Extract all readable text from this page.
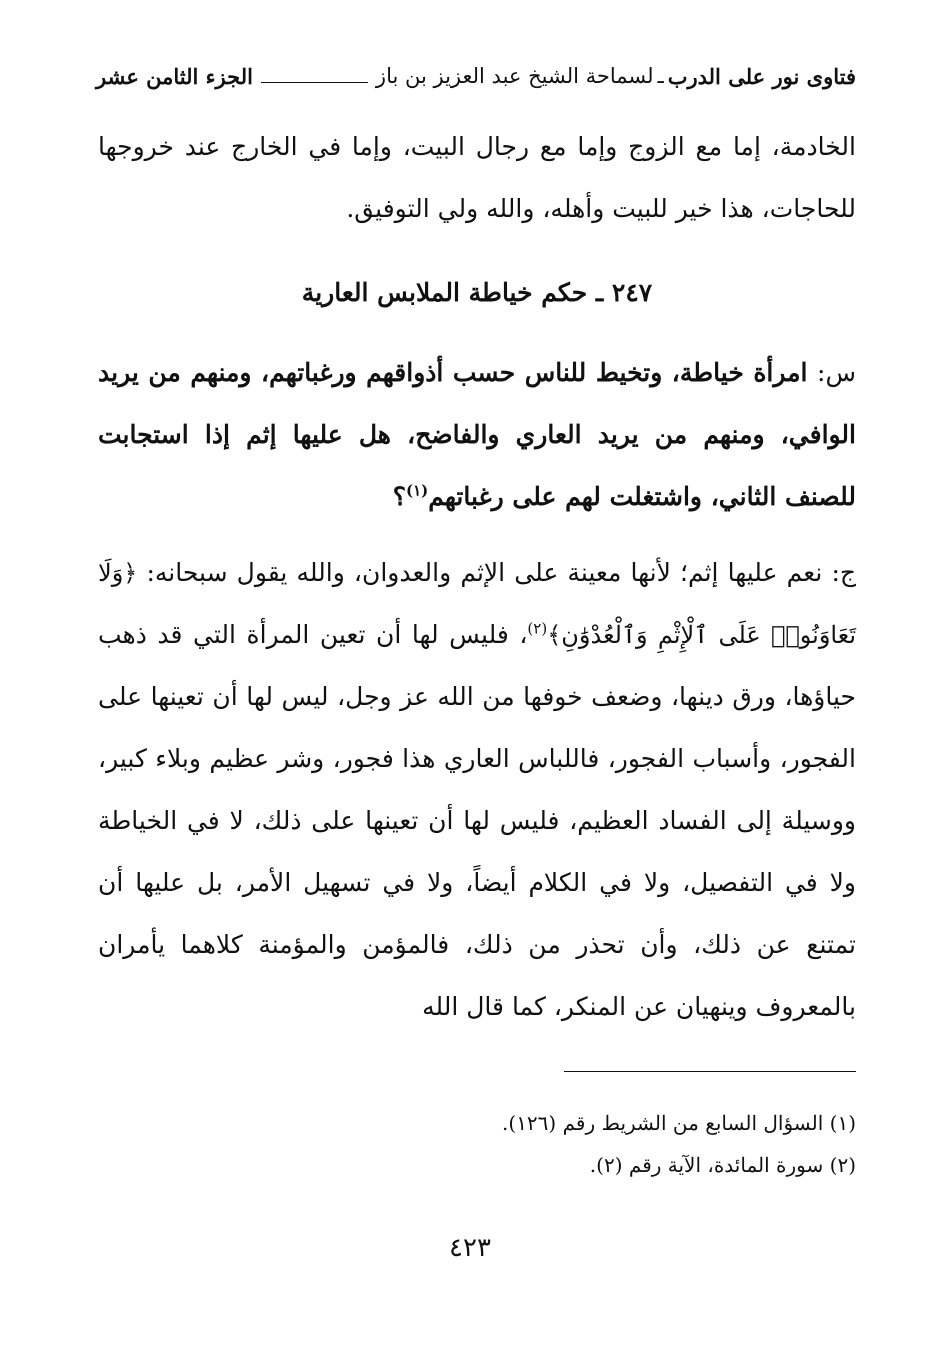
فتاوى نور على الدرب
ـ
لسماحة الشيخ عبد العزيز بن باز
الجزء الثامن عشر
الخادمة، إما مع الزوج وإما مع رجال البيت، وإما في الخارج عند خروجها للحاجات، هذا خير للبيت وأهله، والله ولي التوفيق.
٢٤٧ ـ حكم خياطة الملابس العارية
س: امرأة خياطة، وتخيط للناس حسب أذواقهم ورغباتهم، ومنهم من يريد الوافي، ومنهم من يريد العاري والفاضح، هل عليها إثم إذا استجابت للصنف الثاني، واشتغلت لهم على رغباتهم$^{(١)}$؟
ج: نعم عليها إثم؛ لأنها معينة على الإثم والعدوان، والله يقول سبحانه: ﴿وَلَا تَعَاوَنُوا۟ عَلَى ٱلْإِثْمِ وَٱلْعُدْوَٰنِ﴾$^{(٢)}$، فليس لها أن تعين المرأة التي قد ذهب حياؤها، ورق دينها، وضعف خوفها من الله عز وجل، ليس لها أن تعينها على الفجور، وأسباب الفجور، فاللباس العاري هذا فجور، وشر عظيم وبلاء كبير، ووسيلة إلى الفساد العظيم، فليس لها أن تعينها على ذلك، لا في الخياطة ولا في التفصيل، ولا في الكلام أيضاً، ولا في تسهيل الأمر، بل عليها أن تمتنع عن ذلك، وأن تحذر من ذلك، فالمؤمن والمؤمنة كلاهما يأمران بالمعروف وينهيان عن المنكر، كما قال الله
(١) السؤال السابع من الشريط رقم (١٢٦).
(٢) سورة المائدة، الآية رقم (٢).
٤٢٣
